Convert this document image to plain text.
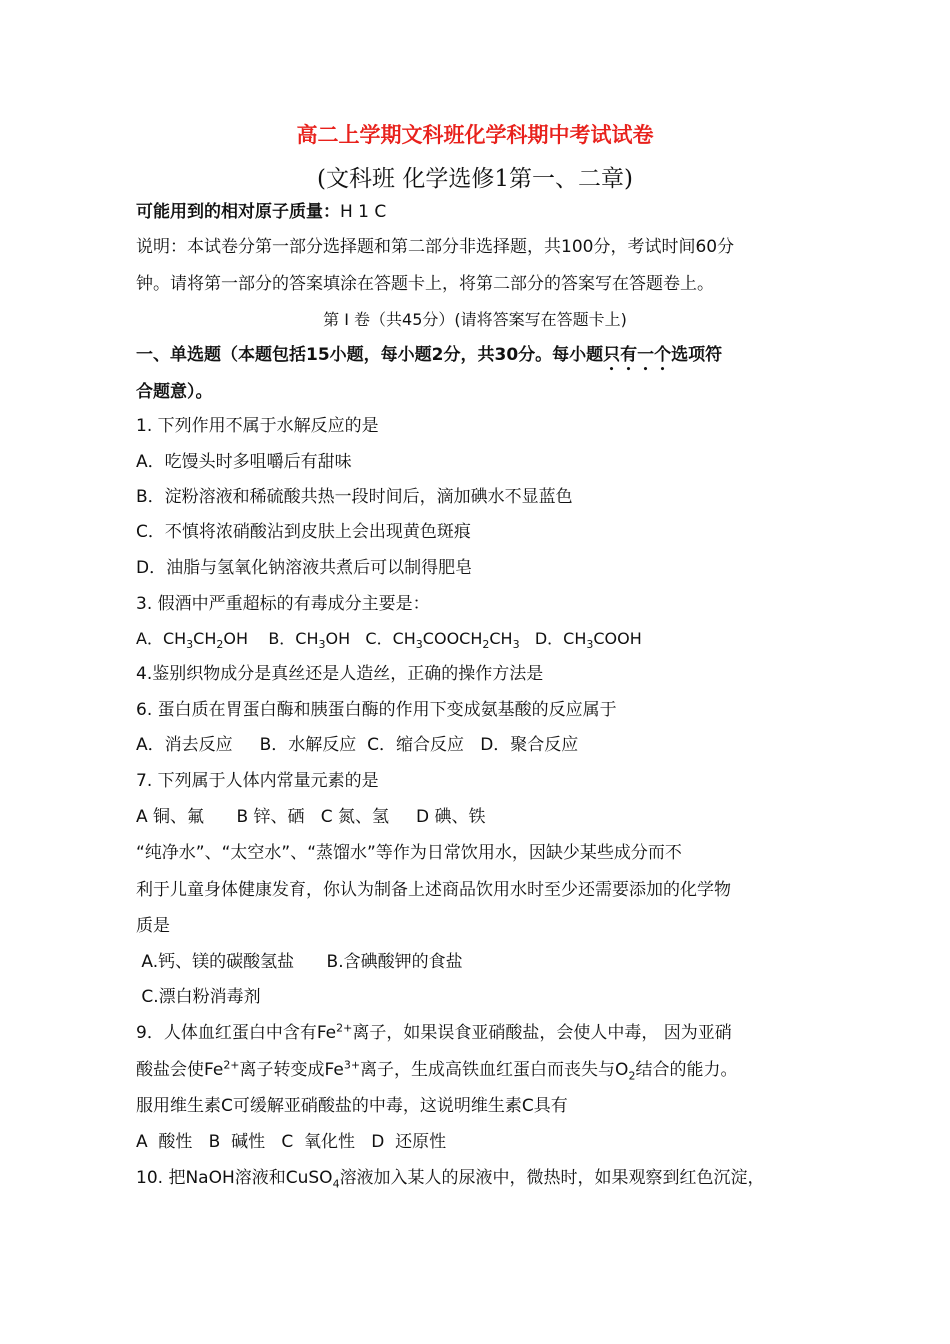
高二上学期文科班化学科期中考试试卷
(文科班 化学选修1第一、二章)
可能用到的相对原子质量：H 1 C
说明：本试卷分第一部分选择题和第二部分非选择题，共100分，考试时间60分
钟。请将第一部分的答案填涂在答题卡上，将第二部分的答案写在答题卷上。
第 Ⅰ 卷（共45分）(请将答案写在答题卡上)
一、单选题（本题包括15小题，每小题2分，共30分。每小题只有一个选项符
合题意）。
1. 下列作用不属于水解反应的是
A．吃馒头时多咀嚼后有甜味
B．淀粉溶液和稀硫酸共热一段时间后，滴加碘水不显蓝色
C．不慎将浓硝酸沾到皮肤上会出现黄色斑痕
D．油脂与氢氧化钠溶液共煮后可以制得肥皂
3. 假酒中严重超标的有毒成分主要是：
A．$CH_3CH_2OH$ B．$CH_3OH$ C．$CH_3COOCH_2CH_3$ D．$CH_3COOH$
4.鉴别织物成分是真丝还是人造丝，正确的操作方法是
6. 蛋白质在胃蛋白酶和胰蛋白酶的作用下变成氨基酸的反应属于
A．消去反应     B．水解反应  C．缩合反应   D．聚合反应
7. 下列属于人体内常量元素的是
A 铜、氟      B 锌、硒   C 氮、氢     D 碘、铁
“纯净水”、“太空水”、“蒸馏水”等作为日常饮用水，因缺少某些成分而不
利于儿童身体健康发育，你认为制备上述商品饮用水时至少还需要添加的化学物
质是
A.钙、镁的碳酸氢盐      B.含碘酸钾的食盐
C.漂白粉消毒剂
9．人体血红蛋白中含有$Fe^{2+}$离子，如果误食亚硝酸盐，会使人中毒， 因为亚硝
酸盐会使$Fe^{2+}$离子转变成$Fe^{3+}$离子，生成高铁血红蛋白而丧失与$O_2$结合的能力。
服用维生素C可缓解亚硝酸盐的中毒，这说明维生素C具有
A  酸性   B  碱性   C  氧化性   D  还原性
10. 把NaOH溶液和CuSO$_4$溶液加入某人的尿液中，微热时，如果观察到红色沉淀，
